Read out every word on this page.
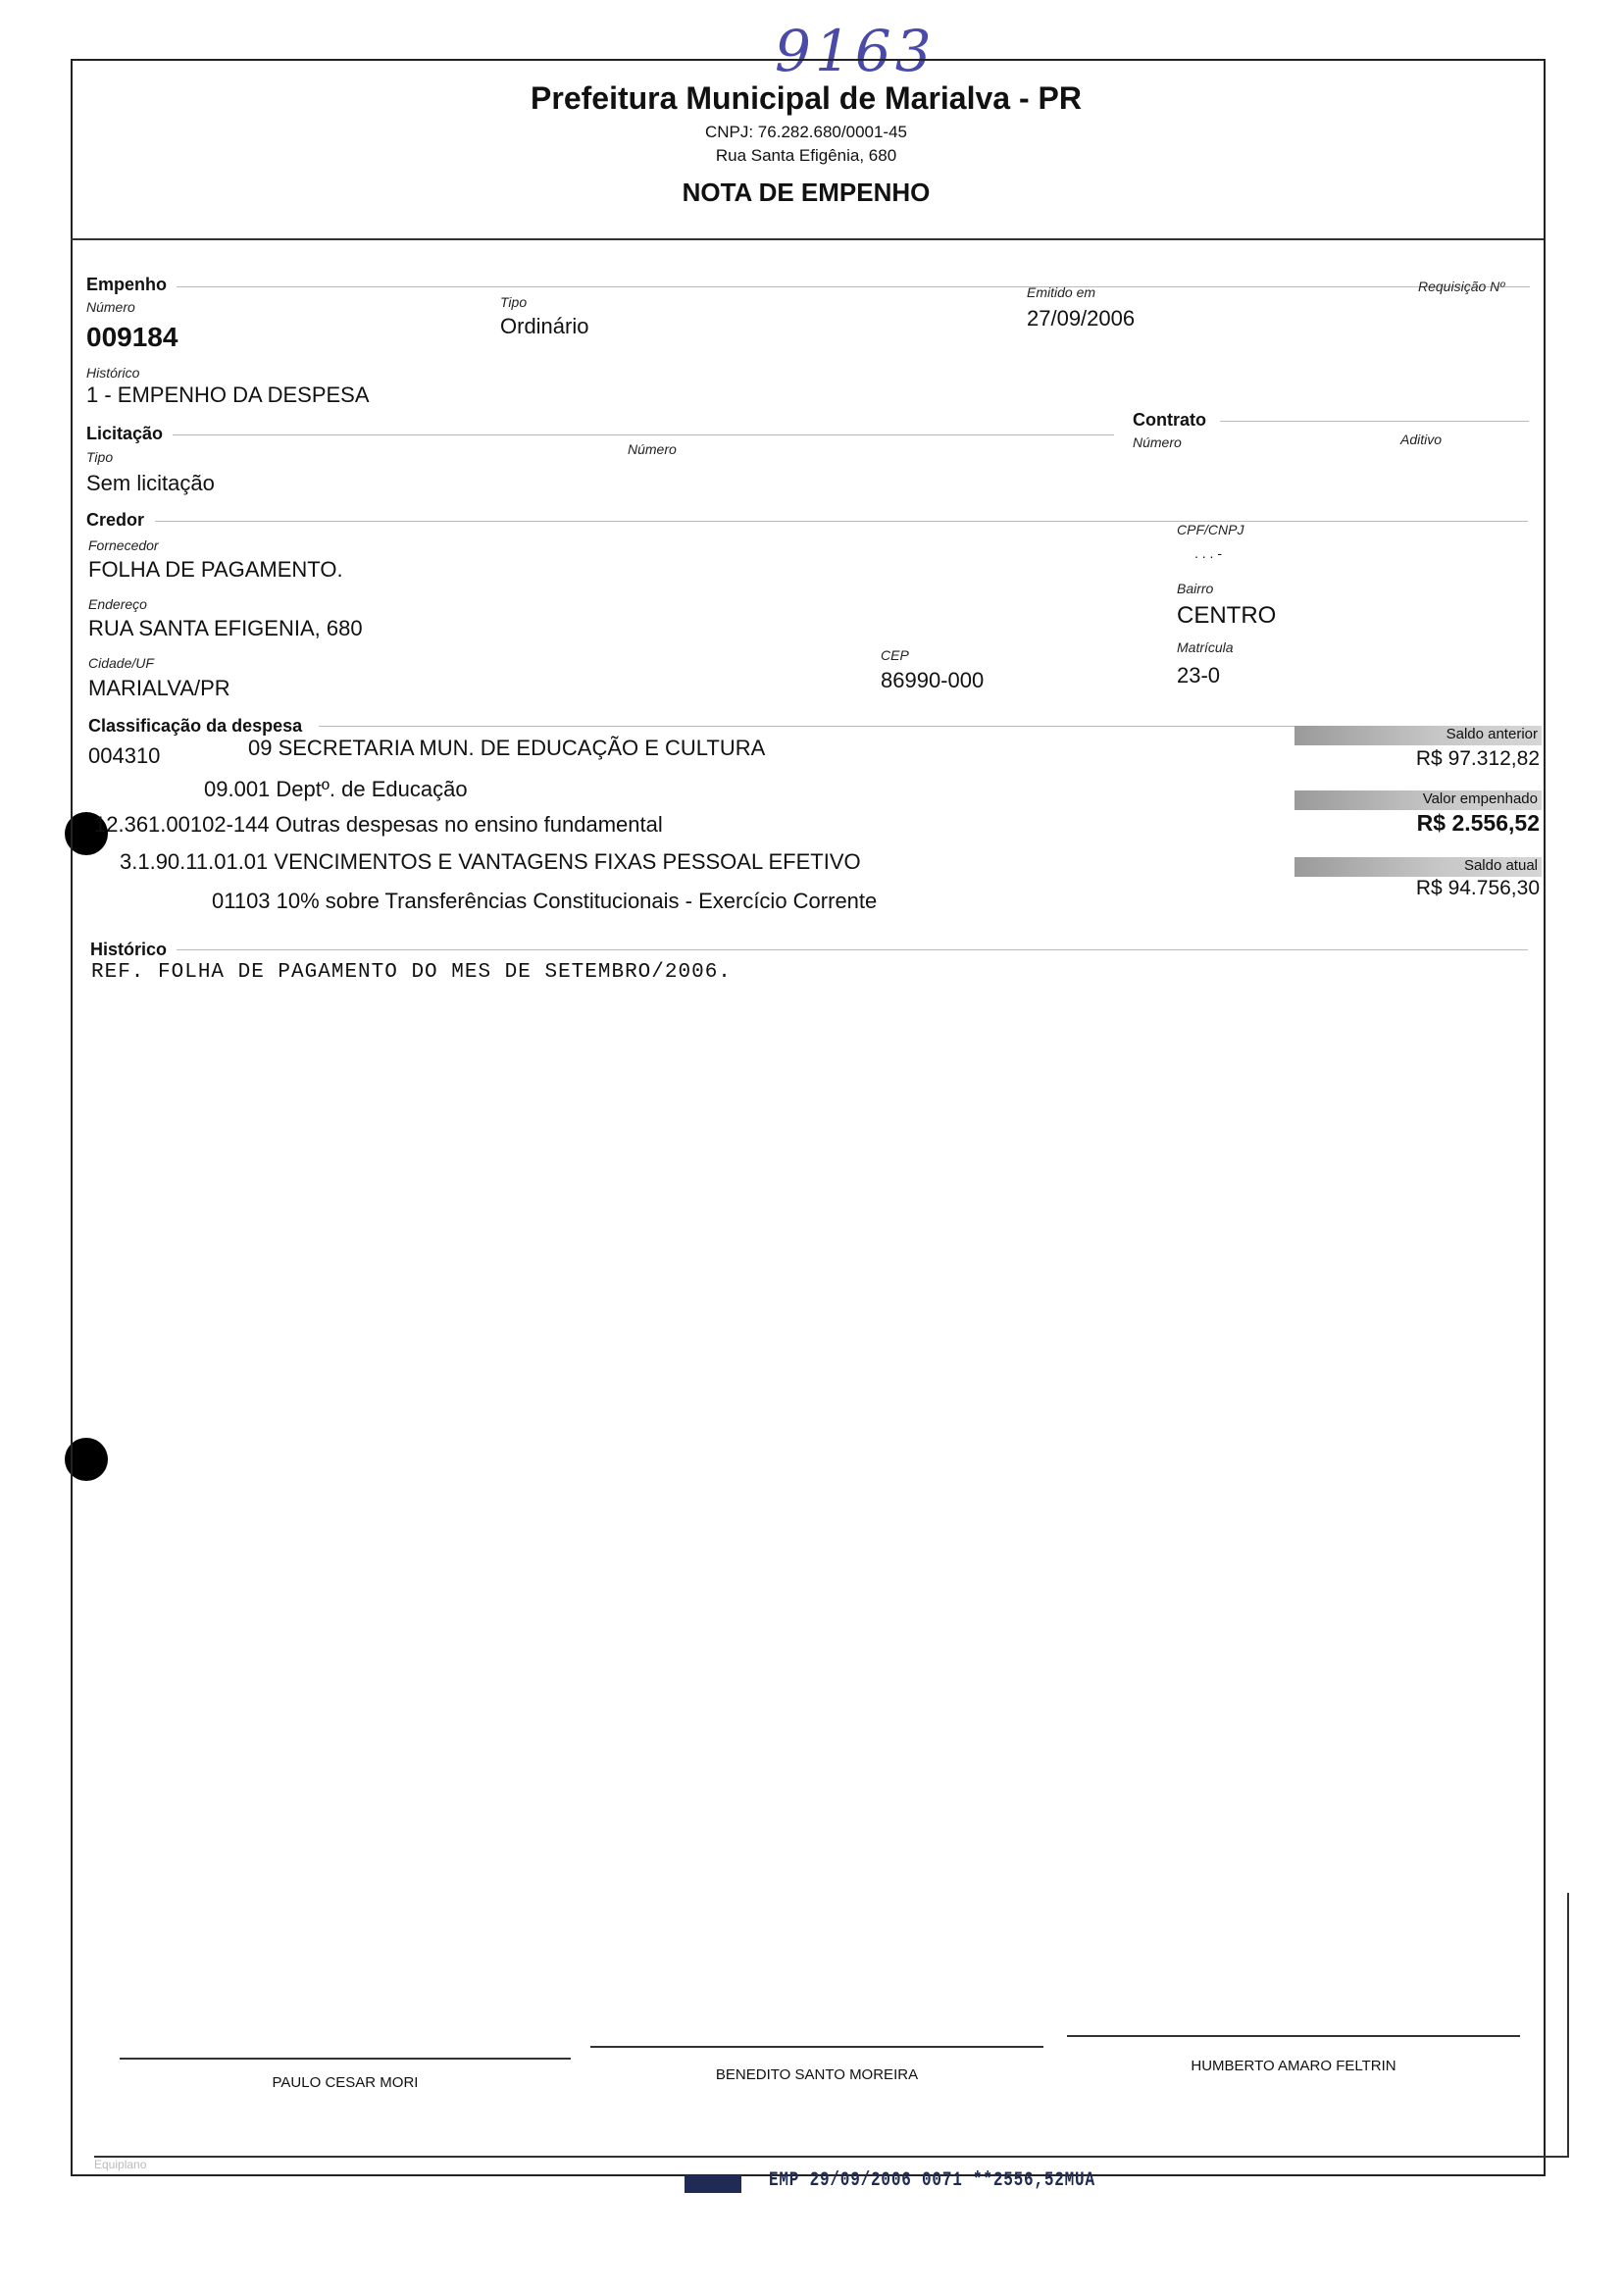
9163
Prefeitura Municipal de Marialva - PR
CNPJ: 76.282.680/0001-45
Rua Santa Efigênia, 680
NOTA DE EMPENHO
Empenho
Número
009184
Tipo
Ordinário
Emitido em
27/09/2006
Requisição Nº
Histórico
1 - EMPENHO DA DESPESA
Licitação
Tipo
Sem licitação
Número
Contrato
Número	Aditivo
Credor
Fornecedor
FOLHA DE PAGAMENTO.
CPF/CNPJ
. . . -
Endereço
RUA SANTA EFIGENIA, 680
Bairro
CENTRO
Cidade/UF
MARIALVA/PR
CEP
86990-000
Matrícula
23-0
Classificação da despesa
004310	09 SECRETARIA MUN. DE EDUCAÇÃO E CULTURA
09.001 Deptº. de Educação
12.361.00102-144 Outras despesas no ensino fundamental
3.1.90.11.01.01 VENCIMENTOS E VANTAGENS FIXAS PESSOAL EFETIVO
01103 10% sobre Transferências Constitucionais - Exercício Corrente
Saldo anterior
R$ 97.312,82
Valor empenhado
R$ 2.556,52
Saldo atual
R$ 94.756,30
Histórico
REF. FOLHA DE PAGAMENTO DO MES DE SETEMBRO/2006.
PAULO CESAR MORI	BENEDITO SANTO MOREIRA
HUMBERTO AMARO FELTRIN
Equiplano
EMP 29/09/2006 0071 **2556,52MUA
